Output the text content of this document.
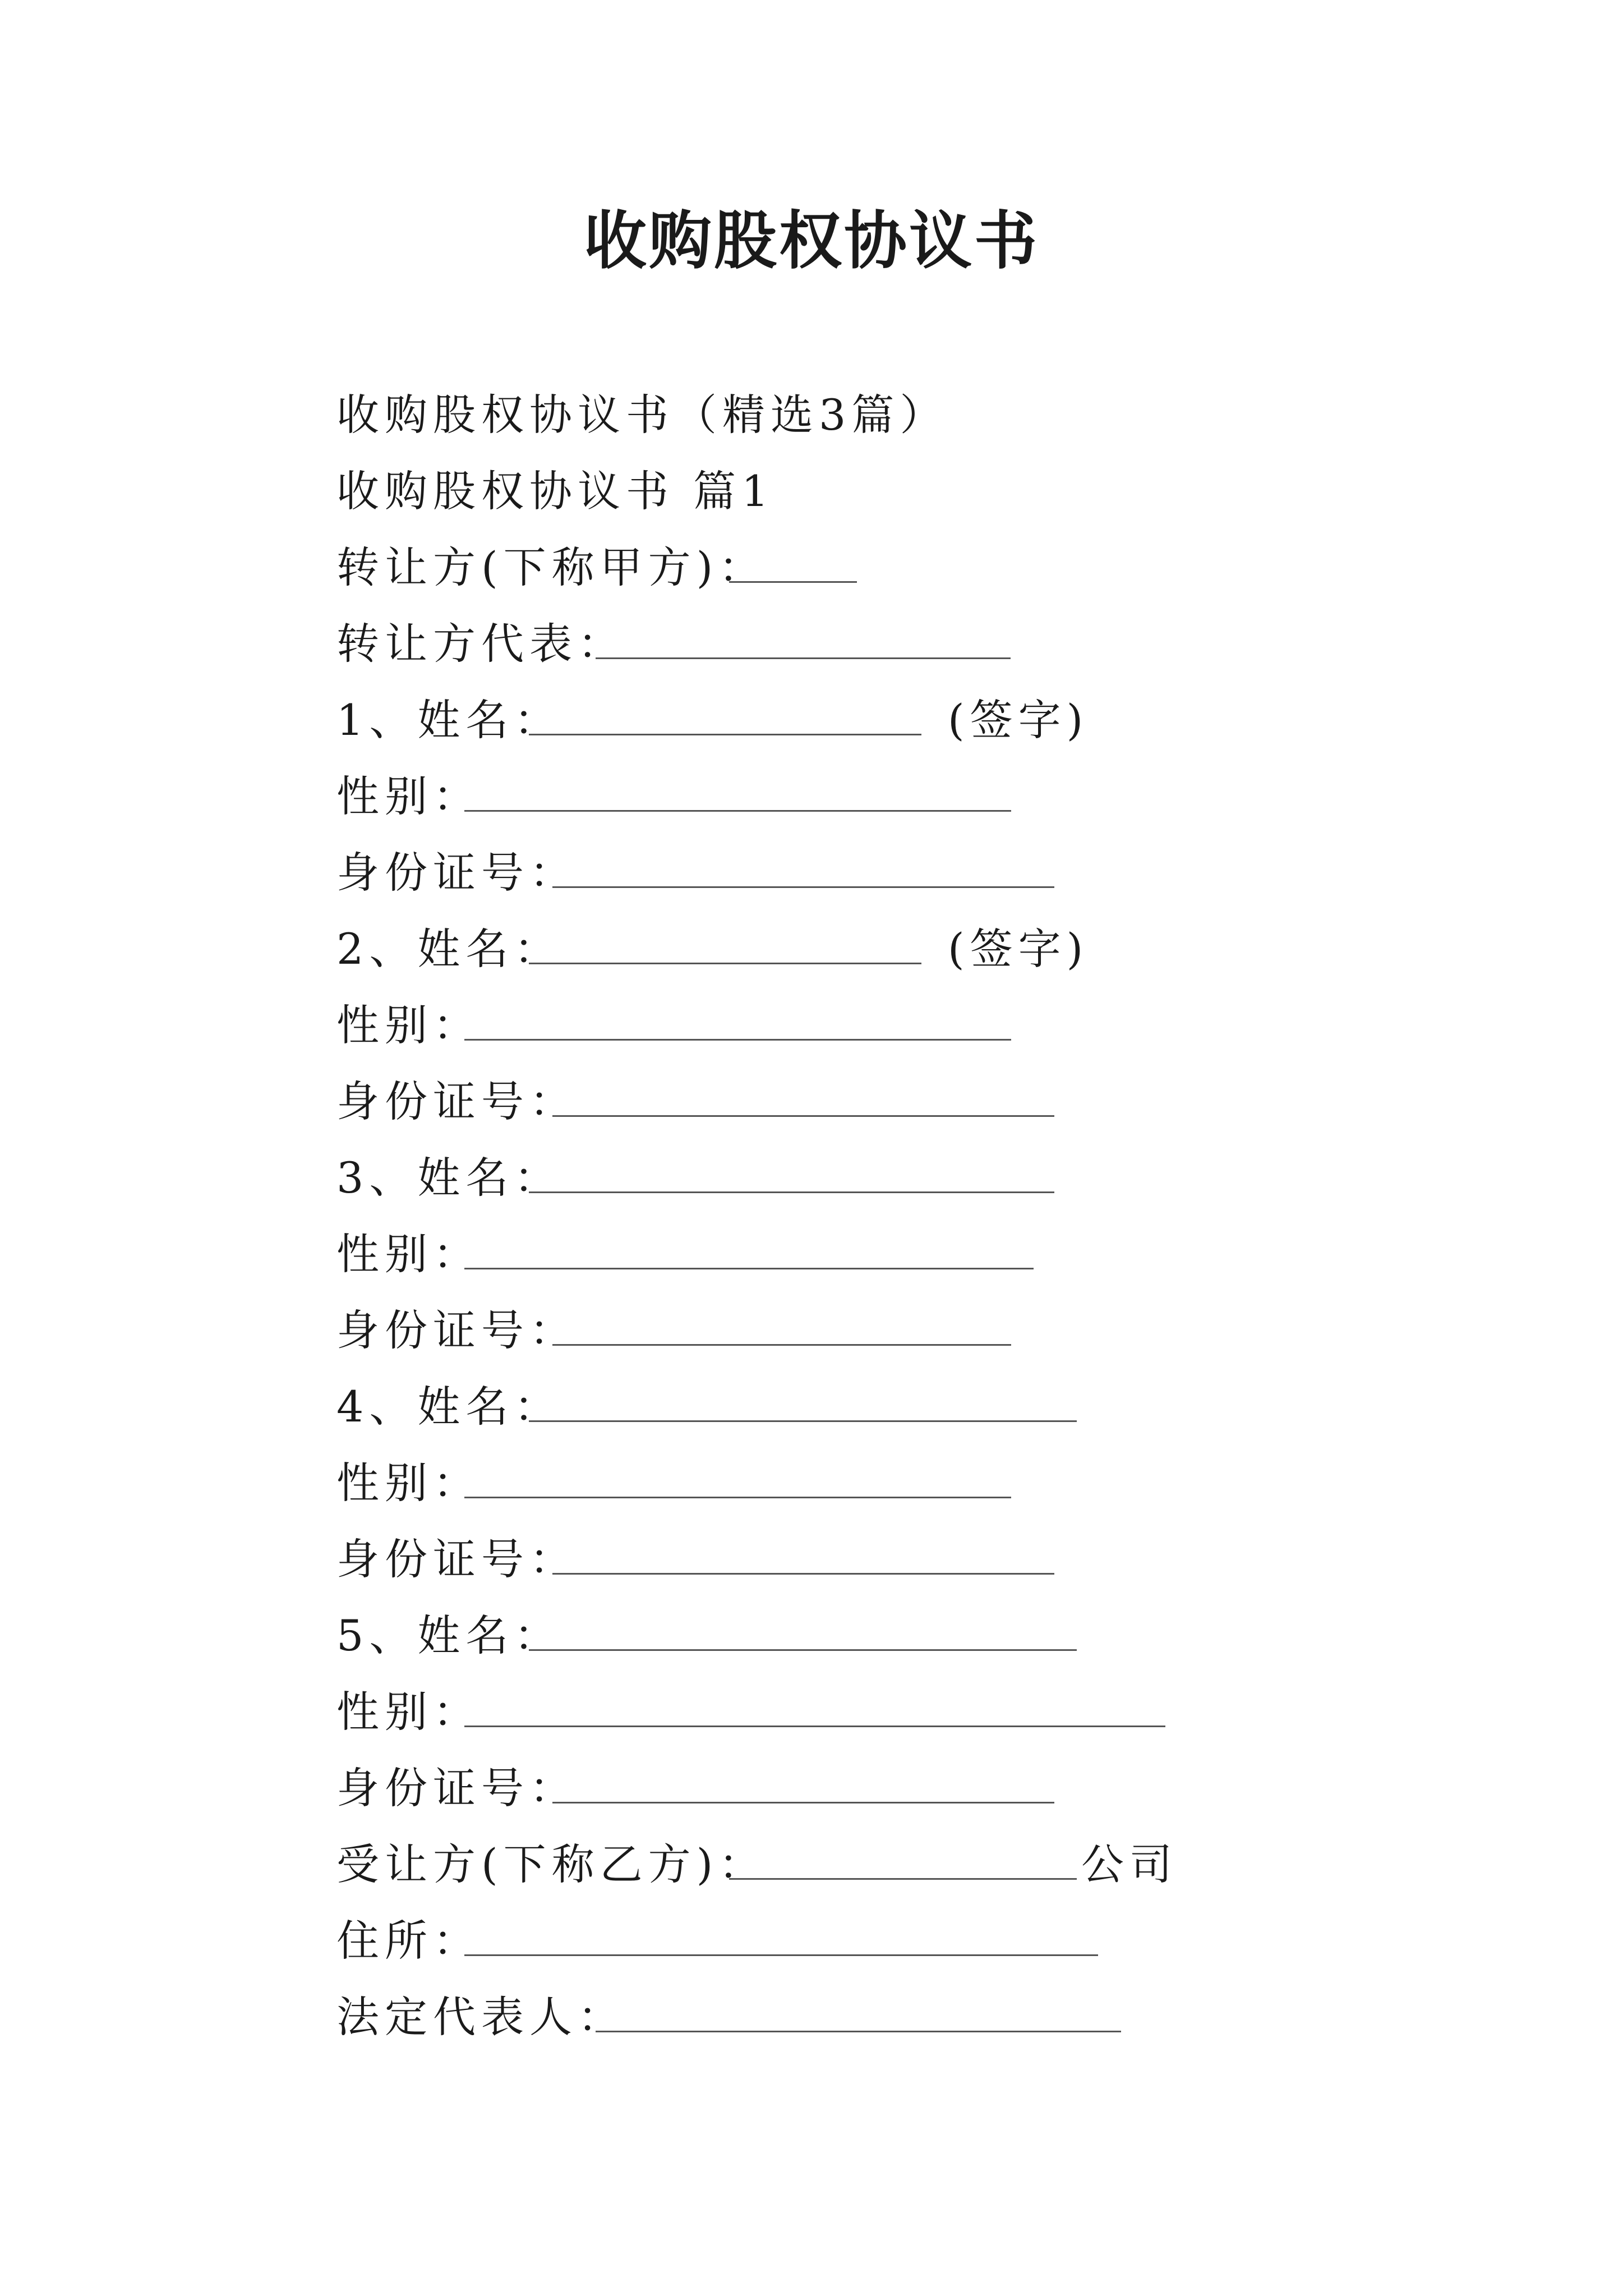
收购股权协议书
收购股权协议书（精选3篇）
收购股权协议书 篇1
转让方(下称甲方)：
转让方代表：
1、姓名：	(签字)
性别：
身份证号：
2、姓名：	(签字)
性别：
身份证号：
3、姓名：
性别：
身份证号：
4、姓名：
性别：
身份证号：
5、姓名：
性别：
身份证号：
受让方(下称乙方)：	公司
住所：
法定代表人：
